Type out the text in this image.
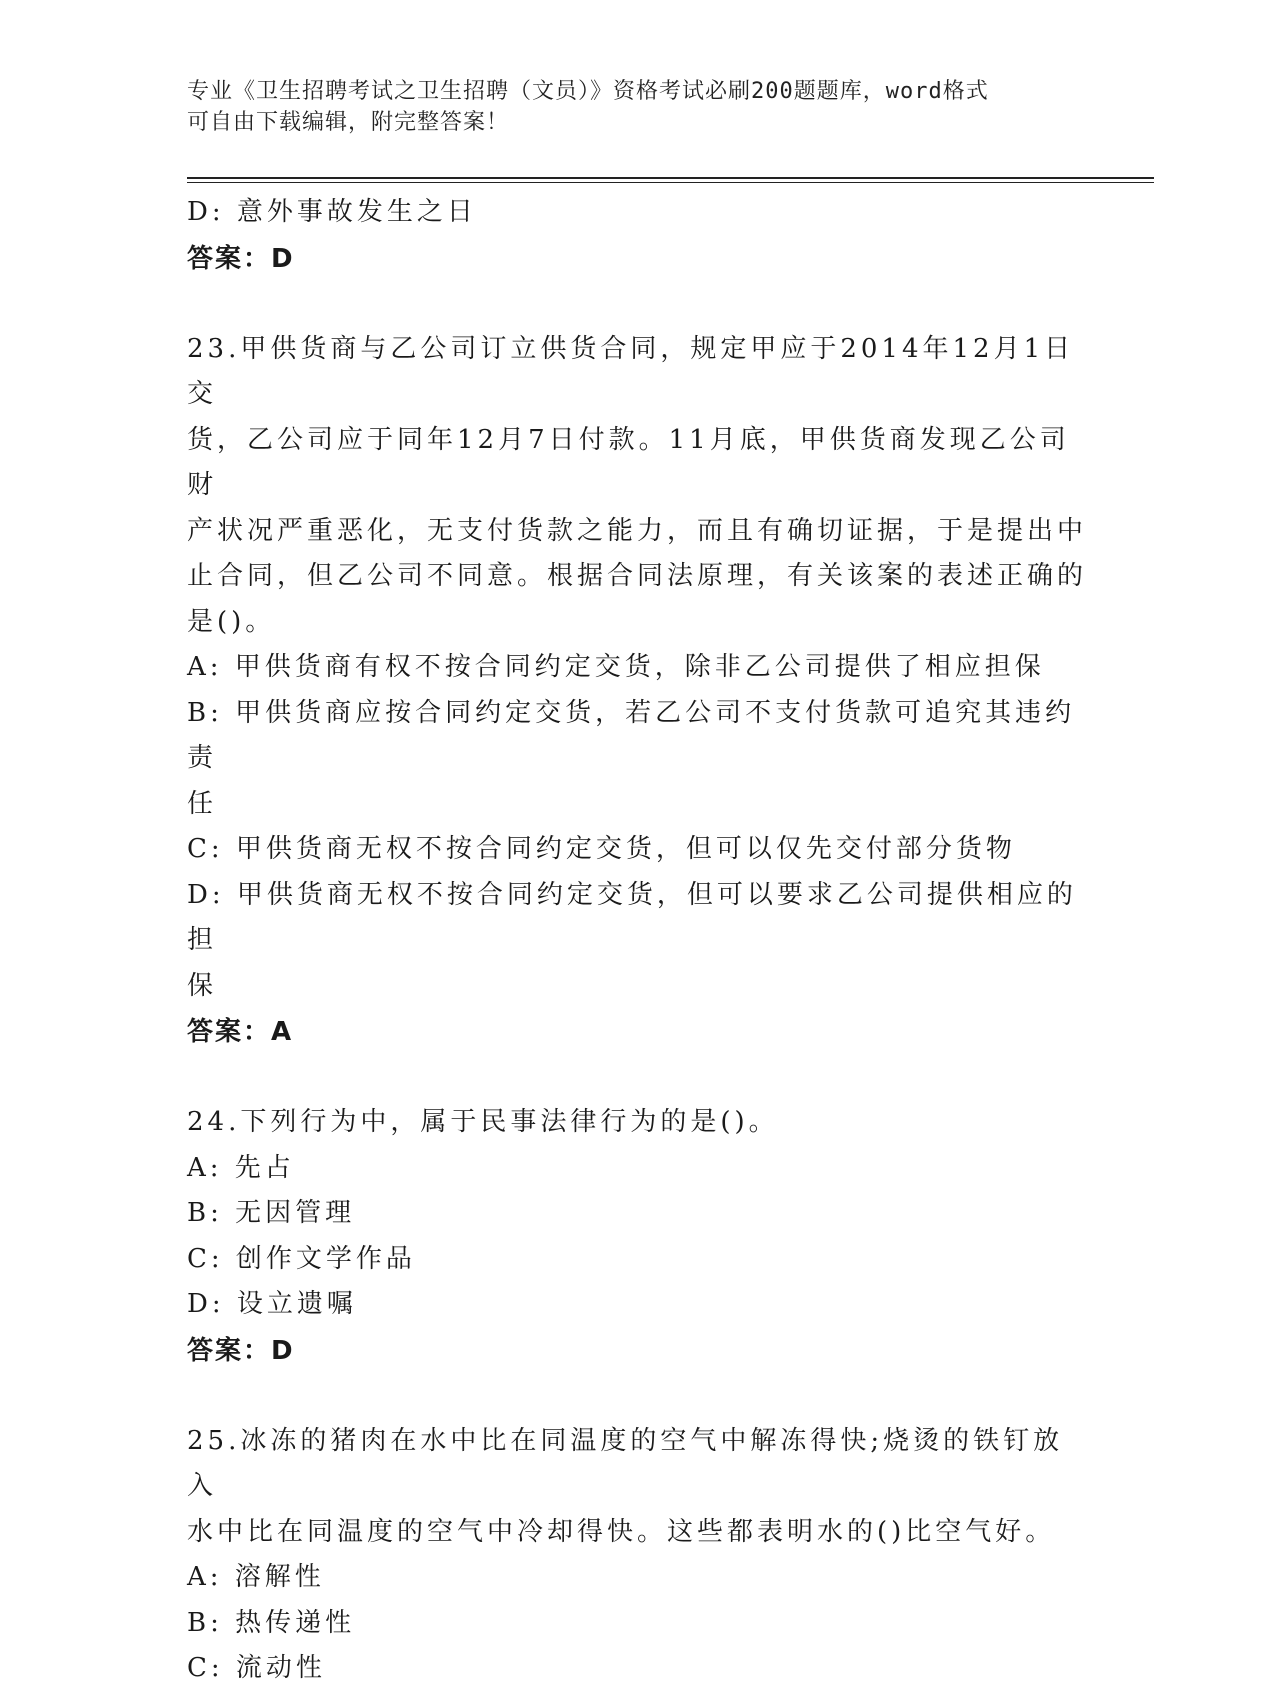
专业《卫生招聘考试之卫生招聘（文员）》资格考试必刷200题题库，word格式
可自由下载编辑，附完整答案！
D: 意外事故发生之日
答案：D
23.甲供货商与乙公司订立供货合同，规定甲应于2014年12月1日交
货，乙公司应于同年12月7日付款。11月底，甲供货商发现乙公司财
产状况严重恶化，无支付货款之能力，而且有确切证据，于是提出中
止合同，但乙公司不同意。根据合同法原理，有关该案的表述正确的
是()。
A: 甲供货商有权不按合同约定交货，除非乙公司提供了相应担保
B: 甲供货商应按合同约定交货，若乙公司不支付货款可追究其违约责
任
C: 甲供货商无权不按合同约定交货，但可以仅先交付部分货物
D: 甲供货商无权不按合同约定交货，但可以要求乙公司提供相应的担
保
答案：A
24.下列行为中，属于民事法律行为的是()。
A: 先占
B: 无因管理
C: 创作文学作品
D: 设立遗嘱
答案：D
25.冰冻的猪肉在水中比在同温度的空气中解冻得快;烧烫的铁钉放入
水中比在同温度的空气中冷却得快。这些都表明水的()比空气好。
A: 溶解性
B: 热传递性
C: 流动性
